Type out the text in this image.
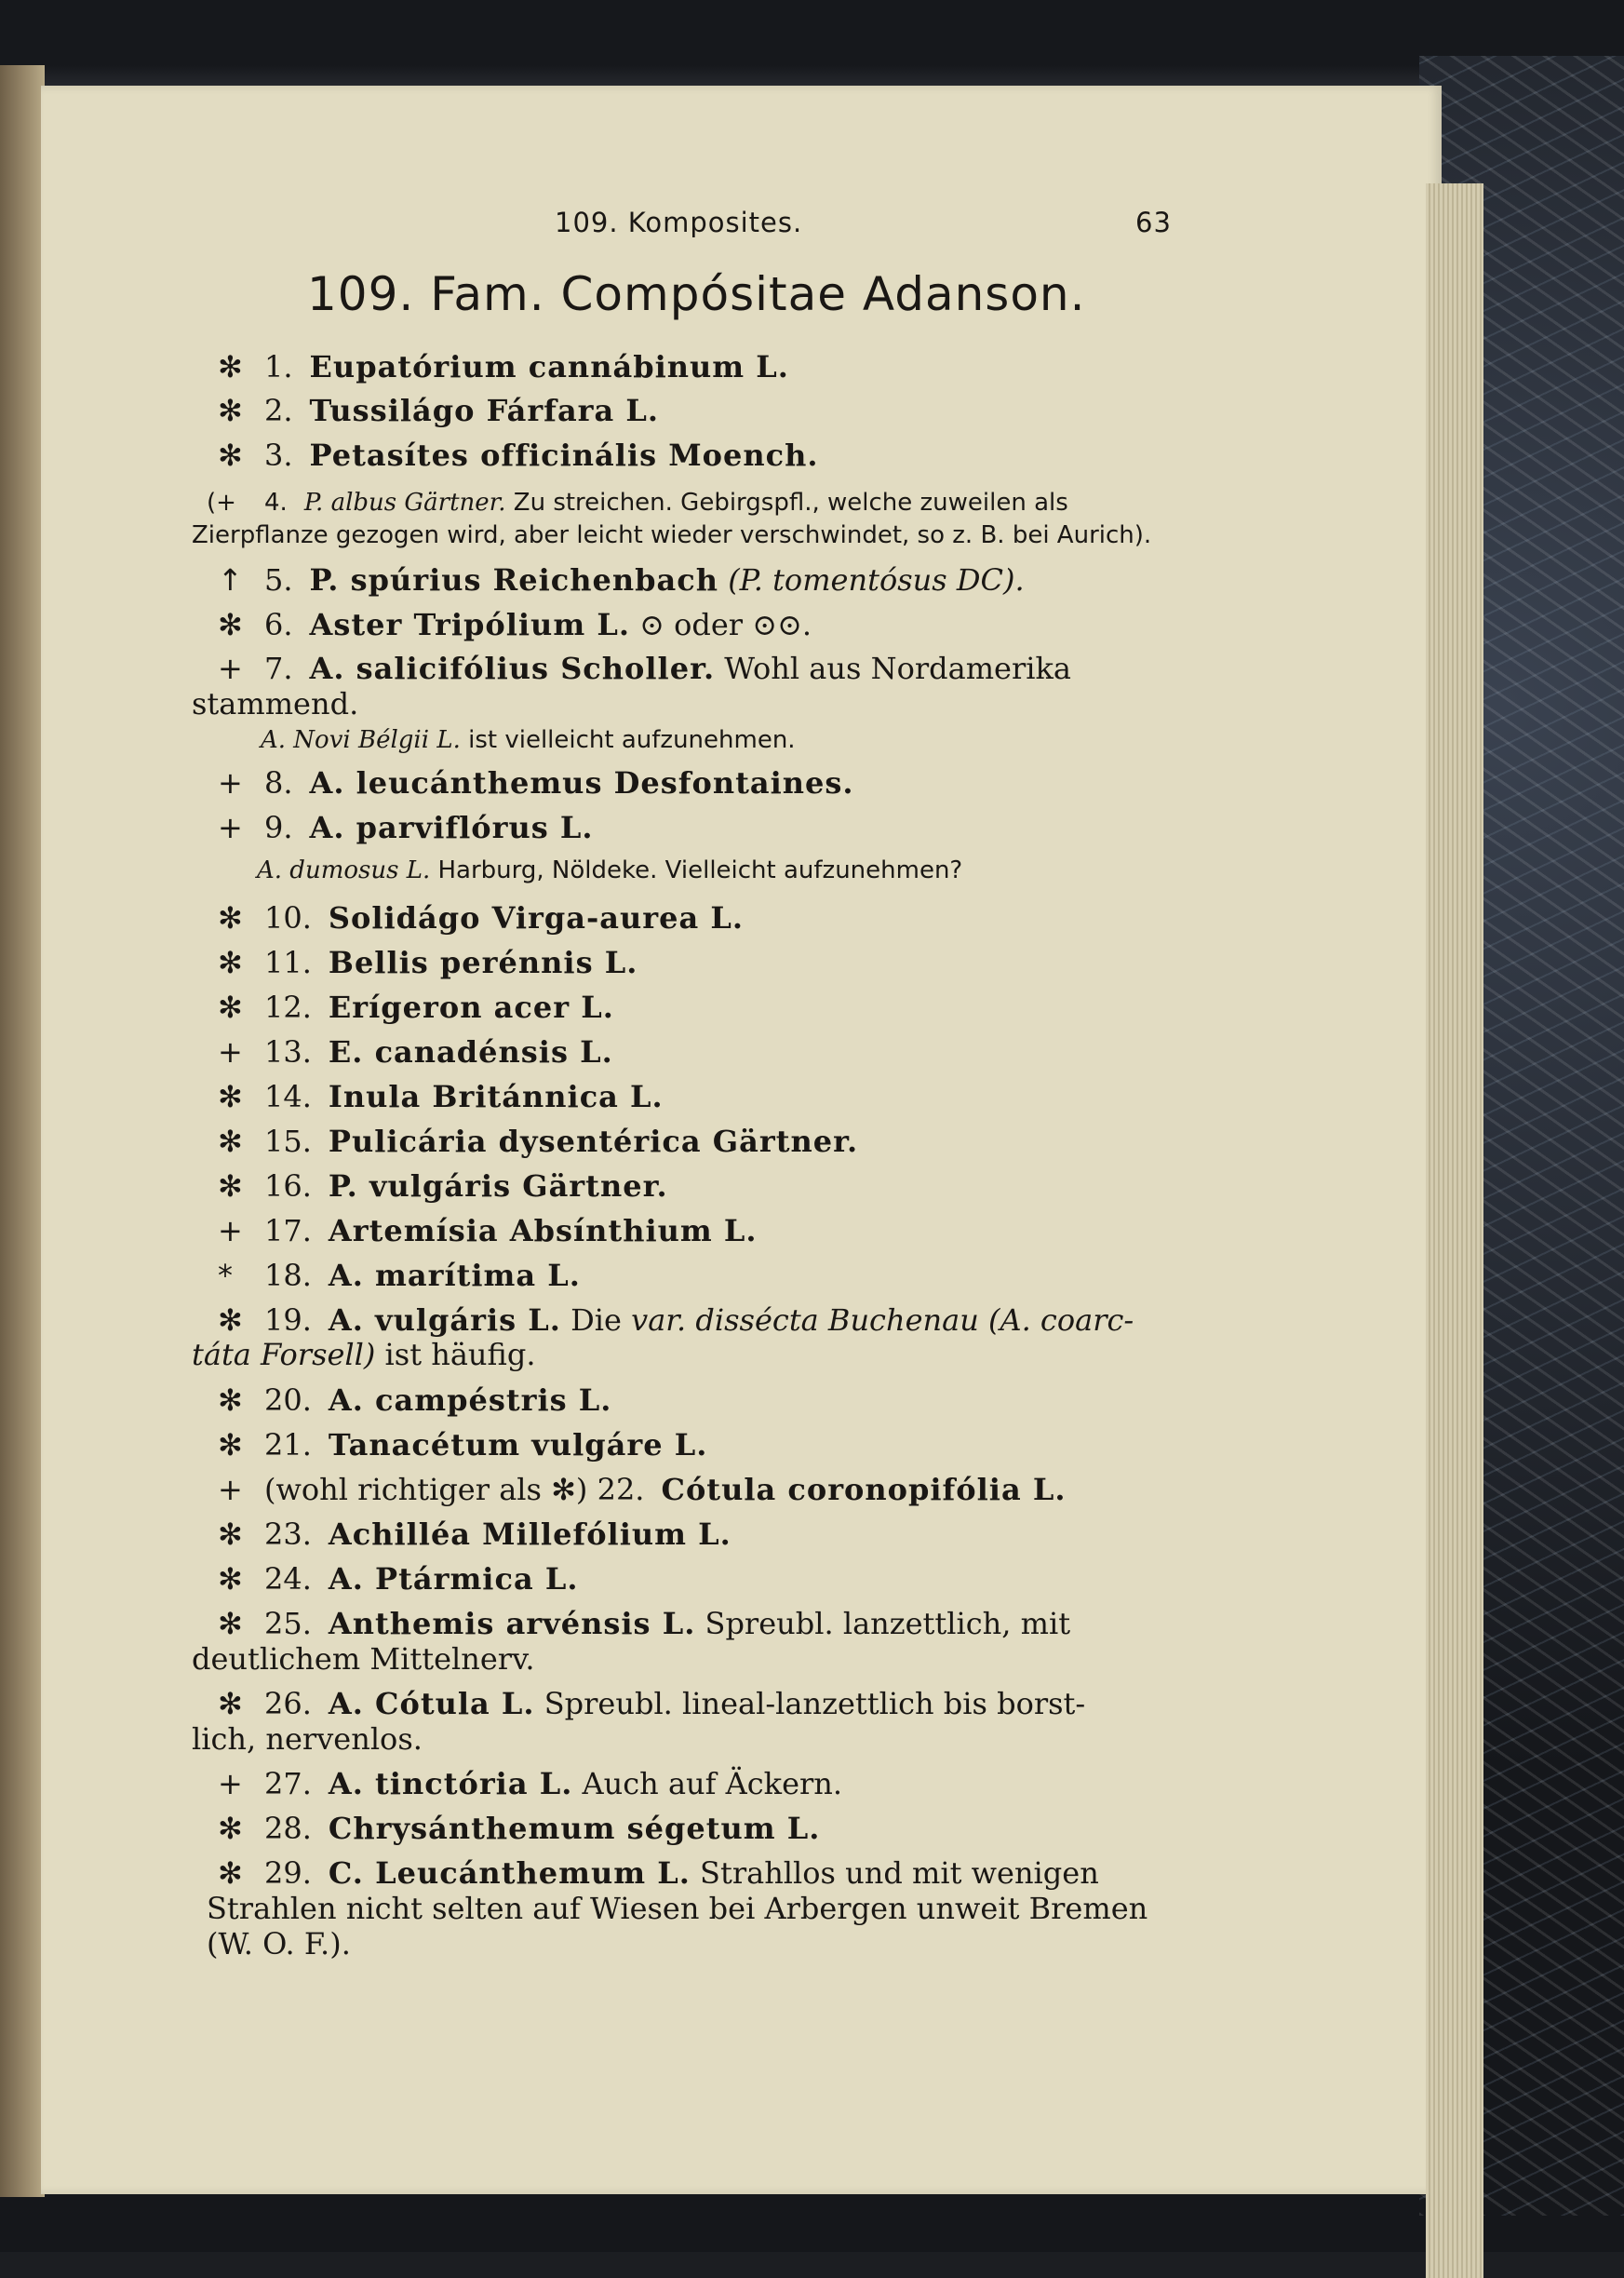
109. Komposites.	63
109. Fam. Compósitae Adanson.
✻ 1. Eupatórium cannábinum L.
✻ 2. Tussilágo Fárfara L.
✻ 3. Petasítes officinális Moench.
(+ 4. P. albus Gärtner. Zu streichen. Gebirgspfl., welche zuweilen als
Zierpflanze gezogen wird, aber leicht wieder verschwindet, so z. B. bei Aurich).
↑ 5. P. spúrius Reichenbach (P. tomentósus DC).
✻ 6. Aster Tripólium L. ⊙ oder ⊙⊙.
+ 7. A. salicifólius Scholler. Wohl aus Nordamerika
stammend.
A. Novi Bélgii L. ist vielleicht aufzunehmen.
+ 8. A. leucánthemus Desfontaines.
+ 9. A. parviflórus L.
A. dumosus L. Harburg, Nöldeke. Vielleicht aufzunehmen?
✻ 10. Solidágo Virga-aurea L.
✻ 11. Bellis perénnis L.
✻ 12. Erígeron acer L.
+ 13. E. canadénsis L.
✻ 14. Inula Británnica L.
✻ 15. Pulicária dysentérica Gärtner.
✻ 16. P. vulgáris Gärtner.
+ 17. Artemísia Absínthium L.
* 18. A. marítima L.
✻ 19. A. vulgáris L. Die var. dissécta Buchenau (A. coarc-
táta Forsell) ist häufig.
✻ 20. A. campéstris L.
✻ 21. Tanacétum vulgáre L.
+ (wohl richtiger als ✻) 22. Cótula coronopifólia L.
✻ 23. Achilléa Millefólium L.
✻ 24. A. Ptármica L.
✻ 25. Anthemis arvénsis L. Spreubl. lanzettlich, mit
deutlichem Mittelnerv.
✻ 26. A. Cótula L. Spreubl. lineal-lanzettlich bis borst-
lich, nervenlos.
+ 27. A. tinctória L. Auch auf Äckern.
✻ 28. Chrysánthemum ségetum L.
✻ 29. C. Leucánthemum L. Strahllos und mit wenigen
Strahlen nicht selten auf Wiesen bei Arbergen unweit Bremen
(W. O. F.).
